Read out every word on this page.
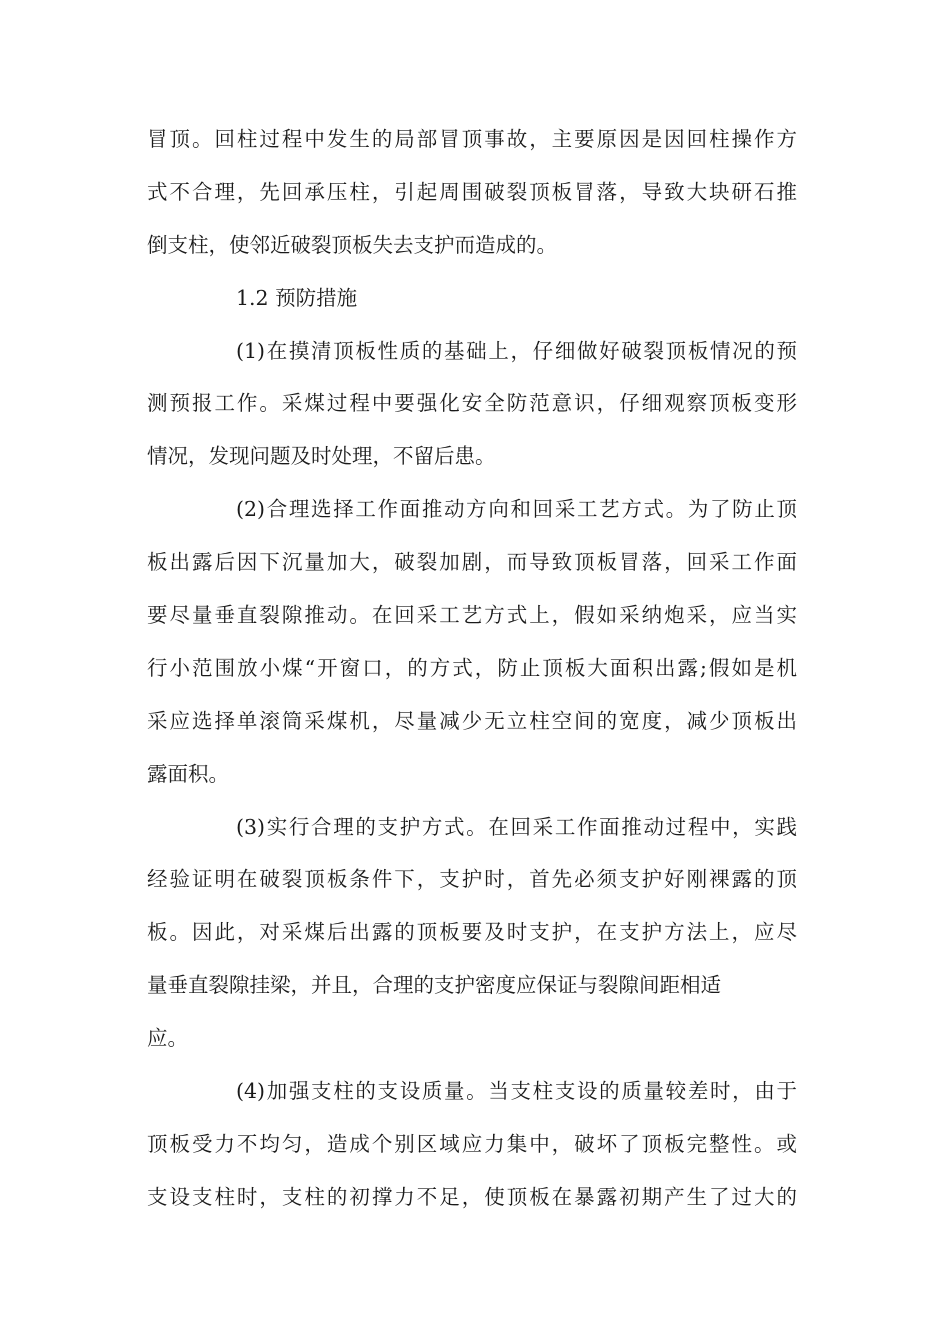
冒顶。回柱过程中发生的局部冒顶事故，主要原因是因回柱操作方
式不合理，先回承压柱，引起周围破裂顶板冒落，导致大块研石推
倒支柱，使邻近破裂顶板失去支护而造成的。
1.2 预防措施
(1)在摸清顶板性质的基础上，仔细做好破裂顶板情况的预
测预报工作。采煤过程中要强化安全防范意识，仔细观察顶板变形
情况，发现问题及时处理，不留后患。
(2)合理选择工作面推动方向和回采工艺方式。为了防止顶
板出露后因下沉量加大，破裂加剧，而导致顶板冒落，回采工作面
要尽量垂直裂隙推动。在回采工艺方式上，假如采纳炮采，应当实
行小范围放小煤“开窗口，的方式，防止顶板大面积出露;假如是机
采应选择单滚筒采煤机，尽量减少无立柱空间的宽度，减少顶板出
露面积。
(3)实行合理的支护方式。在回采工作面推动过程中，实践
经验证明在破裂顶板条件下，支护时，首先必须支护好刚裸露的顶
板。因此，对采煤后出露的顶板要及时支护，在支护方法上，应尽
量垂直裂隙挂梁，并且，合理的支护密度应保证与裂隙间距相适
应。
(4)加强支柱的支设质量。当支柱支设的质量较差时，由于
顶板受力不均匀，造成个别区域应力集中，破坏了顶板完整性。或
支设支柱时，支柱的初撑力不足，使顶板在暴露初期产生了过大的
